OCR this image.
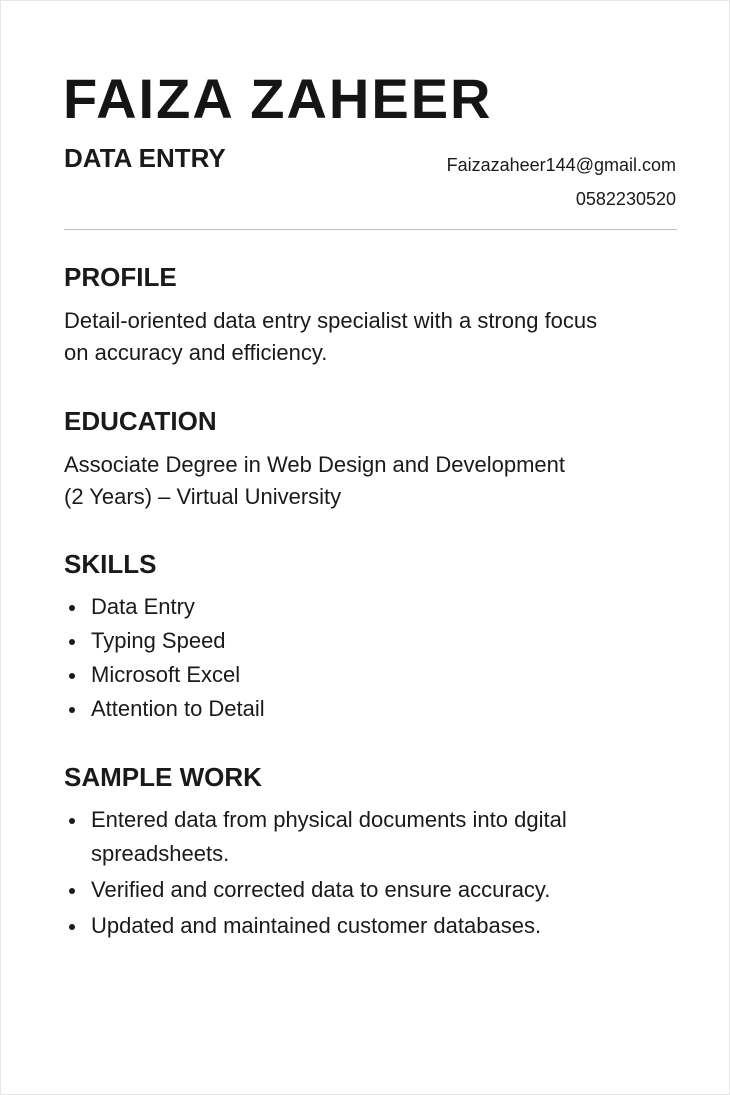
FAIZA ZAHEER
DATA ENTRY	Faizazaheer144@gmail.com
0582230520
PROFILE

Detail-oriented data entry specialist with a strong focus
on accuracy and efficiency.

EDUCATION

Associate Degree in Web Design and Development
(2 Years) – Virtual University

SKILLS
Data Entry
Typing Speed
Microsoft Excel
Attention to Detail
SAMPLE WORK
Entered data from physical documents into dgital
spreadsheets.
Verified and corrected data to ensure accuracy.
Updated and maintained customer databases.
